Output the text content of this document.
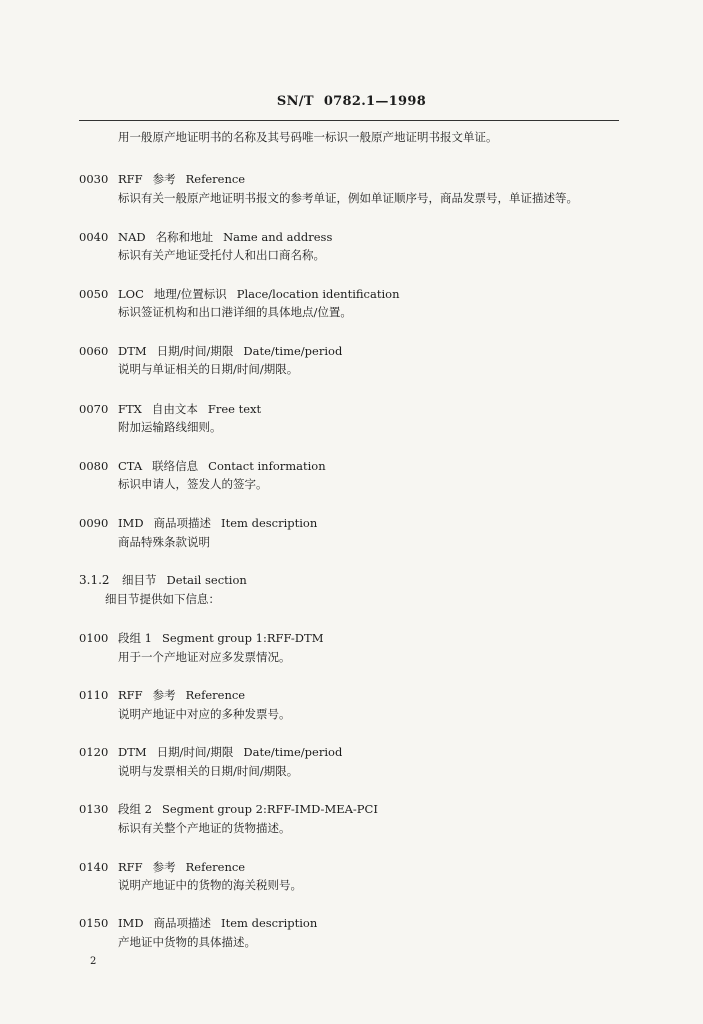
SN/T 0782.1—1998
用一般原产地证明书的名称及其号码唯一标识一般原产地证明书报文单证。
0030 RFF 参考 Reference
标识有关一般原产地证明书报文的参考单证，例如单证顺序号，商品发票号，单证描述等。
0040 NAD 名称和地址 Name and address
标识有关产地证受托付人和出口商名称。
0050 LOC 地理/位置标识 Place/location identification
标识签证机构和出口港详细的具体地点/位置。
0060 DTM 日期/时间/期限 Date/time/period
说明与单证相关的日期/时间/期限。
0070 FTX 自由文本 Free text
附加运输路线细则。
0080 CTA 联络信息 Contact information
标识申请人，签发人的签字。
0090 IMD 商品项描述 Item description
商品特殊条款说明
3.1.2 细目节 Detail section
细目节提供如下信息：
0100 段组 1 Segment group 1:RFF-DTM
用于一个产地证对应多发票情况。
0110 RFF 参考 Reference
说明产地证中对应的多种发票号。
0120 DTM 日期/时间/期限 Date/time/period
说明与发票相关的日期/时间/期限。
0130 段组 2 Segment group 2:RFF-IMD-MEA-PCI
标识有关整个产地证的货物描述。
0140 RFF 参考 Reference
说明产地证中的货物的海关税则号。
0150 IMD 商品项描述 Item description
产地证中货物的具体描述。
2
